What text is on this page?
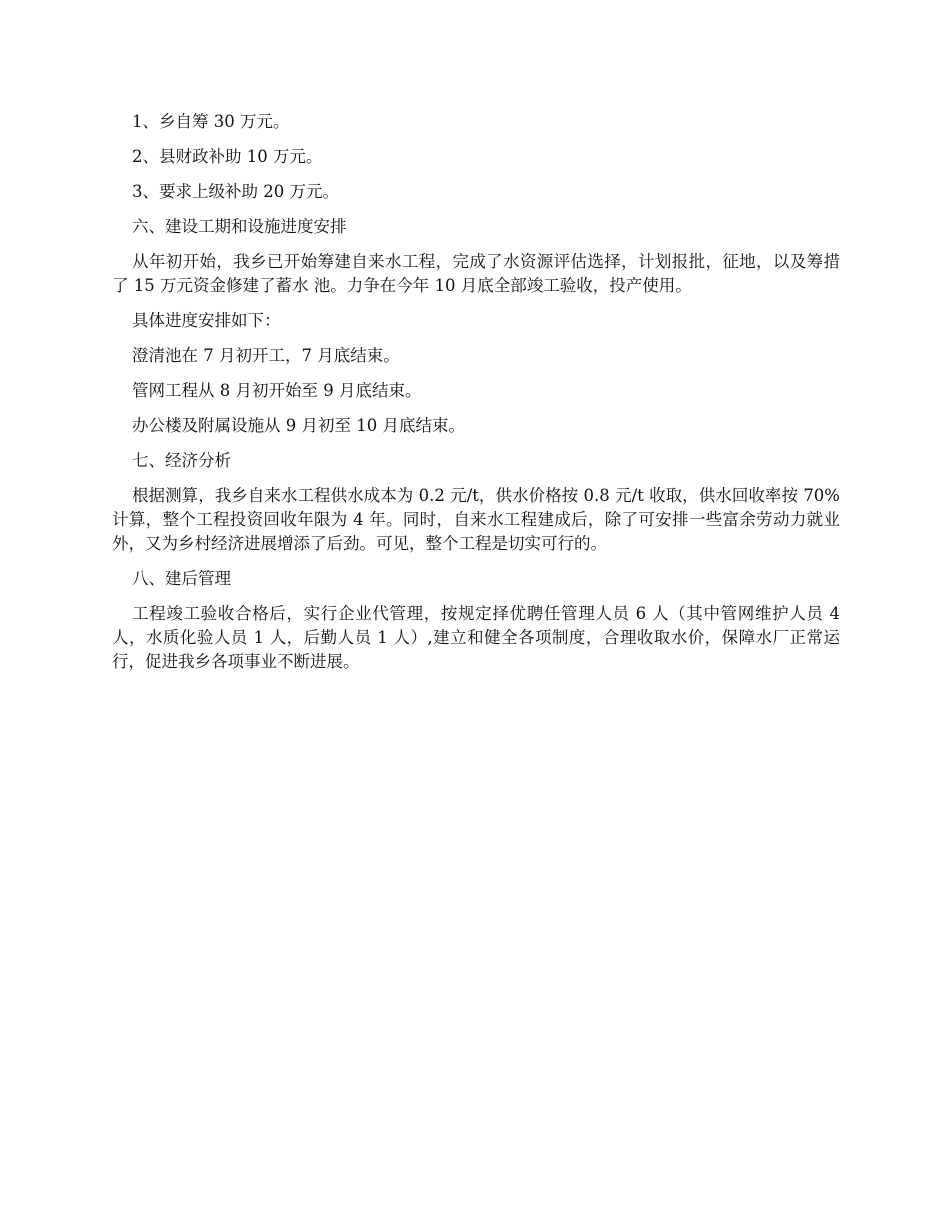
1、乡自筹 30 万元。

2、县财政补助 10 万元。

3、要求上级补助 20 万元。

六、建设工期和设施进度安排

从年初开始，我乡已开始筹建自来水工程，完成了水资源评估选择，计划报批，征地，以及筹措了 15 万元资金修建了蓄水 池。力争在今年 10 月底全部竣工验收，投产使用。

具体进度安排如下：

澄清池在 7 月初开工，7 月底结束。

管网工程从 8 月初开始至 9 月底结束。

办公楼及附属设施从 9 月初至 10 月底结束。

七、经济分析

根据测算，我乡自来水工程供水成本为 0.2 元/t，供水价格按 0.8 元/t 收取，供水回收率按 70%计算，整个工程投资回收年限为 4 年。同时，自来水工程建成后，除了可安排一些富余劳动力就业外，又为乡村经济进展增添了后劲。可见，整个工程是切实可行的。

八、建后管理

工程竣工验收合格后，实行企业代管理，按规定择优聘任管理人员 6 人（其中管网维护人员 4 人，水质化验人员 1 人，后勤人员 1 人）,建立和健全各项制度，合理收取水价，保障水厂正常运行，促进我乡各项事业不断进展。
